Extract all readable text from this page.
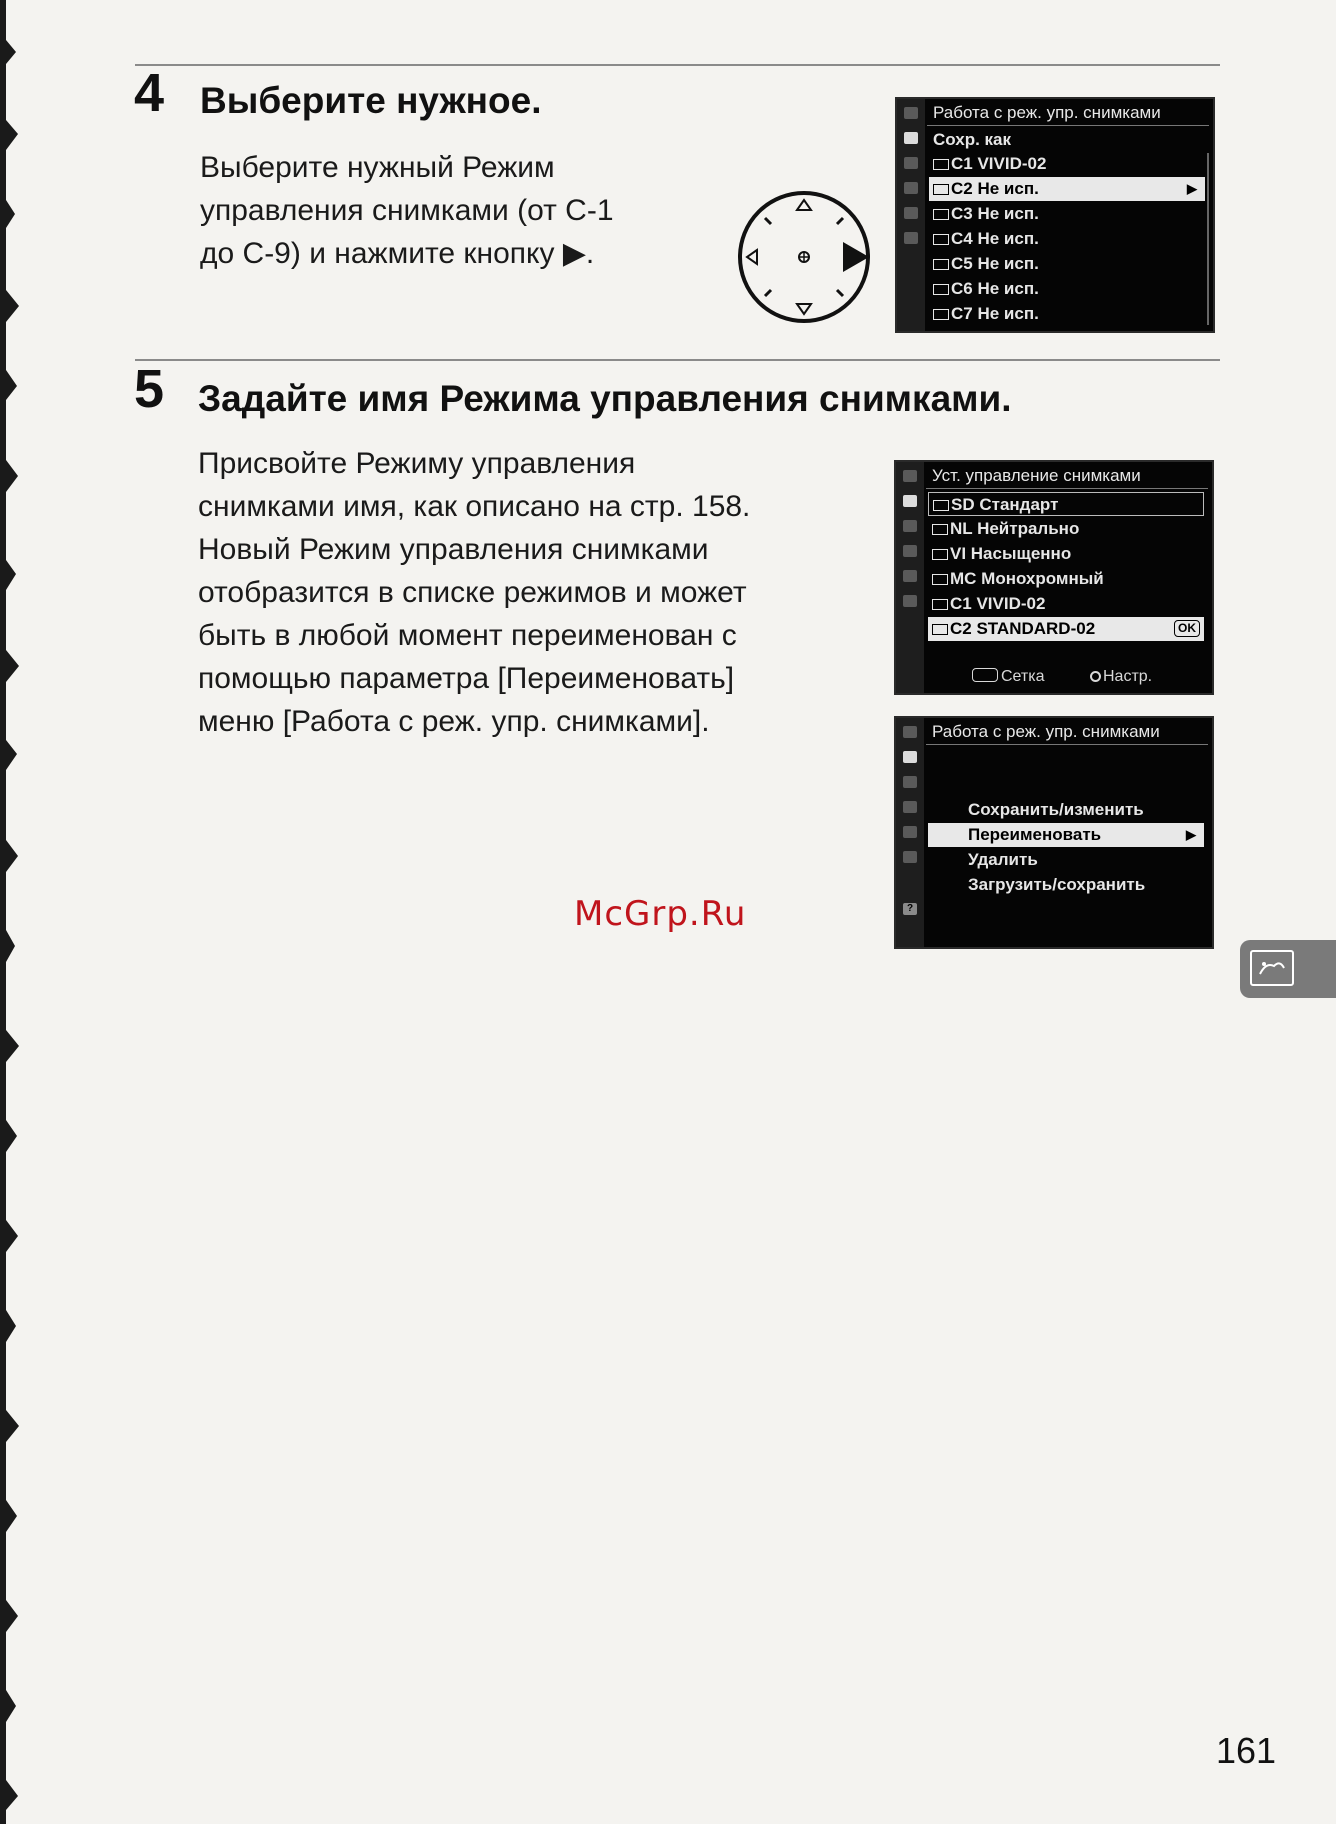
4 Выберите нужное.
Выберите нужный Режим
управления снимками (от С-1
до С-9) и нажмите кнопку ▶.
Работа с реж. упр. снимками
Сохр. как
C1 VIVID-02
C2 Не исп.	▶
C3 Не исп.
C4 Не исп.
C5 Не исп.
C6 Не исп.
C7 Не исп.
5 Задайте имя Режима управления снимками.
Присвойте Режиму управления
снимками имя, как описано на стр. 158.
Новый Режим управления снимками
отобразится в списке режимов и может
быть в любой момент переименован с
помощью параметра [Переименовать]
меню [Работа с реж. упр. снимками].
Уст. управление снимками
SD Стандарт
NL Нейтрально
VI Насыщенно
MC Монохромный
C1 VIVID-02
C2 STANDARD-02	OK
Сетка	Настр.
?
Работа с реж. упр. снимками
Сохранить/изменить
Переименовать	▶
Удалить
Загрузить/сохранить
McGrp.Ru
161
